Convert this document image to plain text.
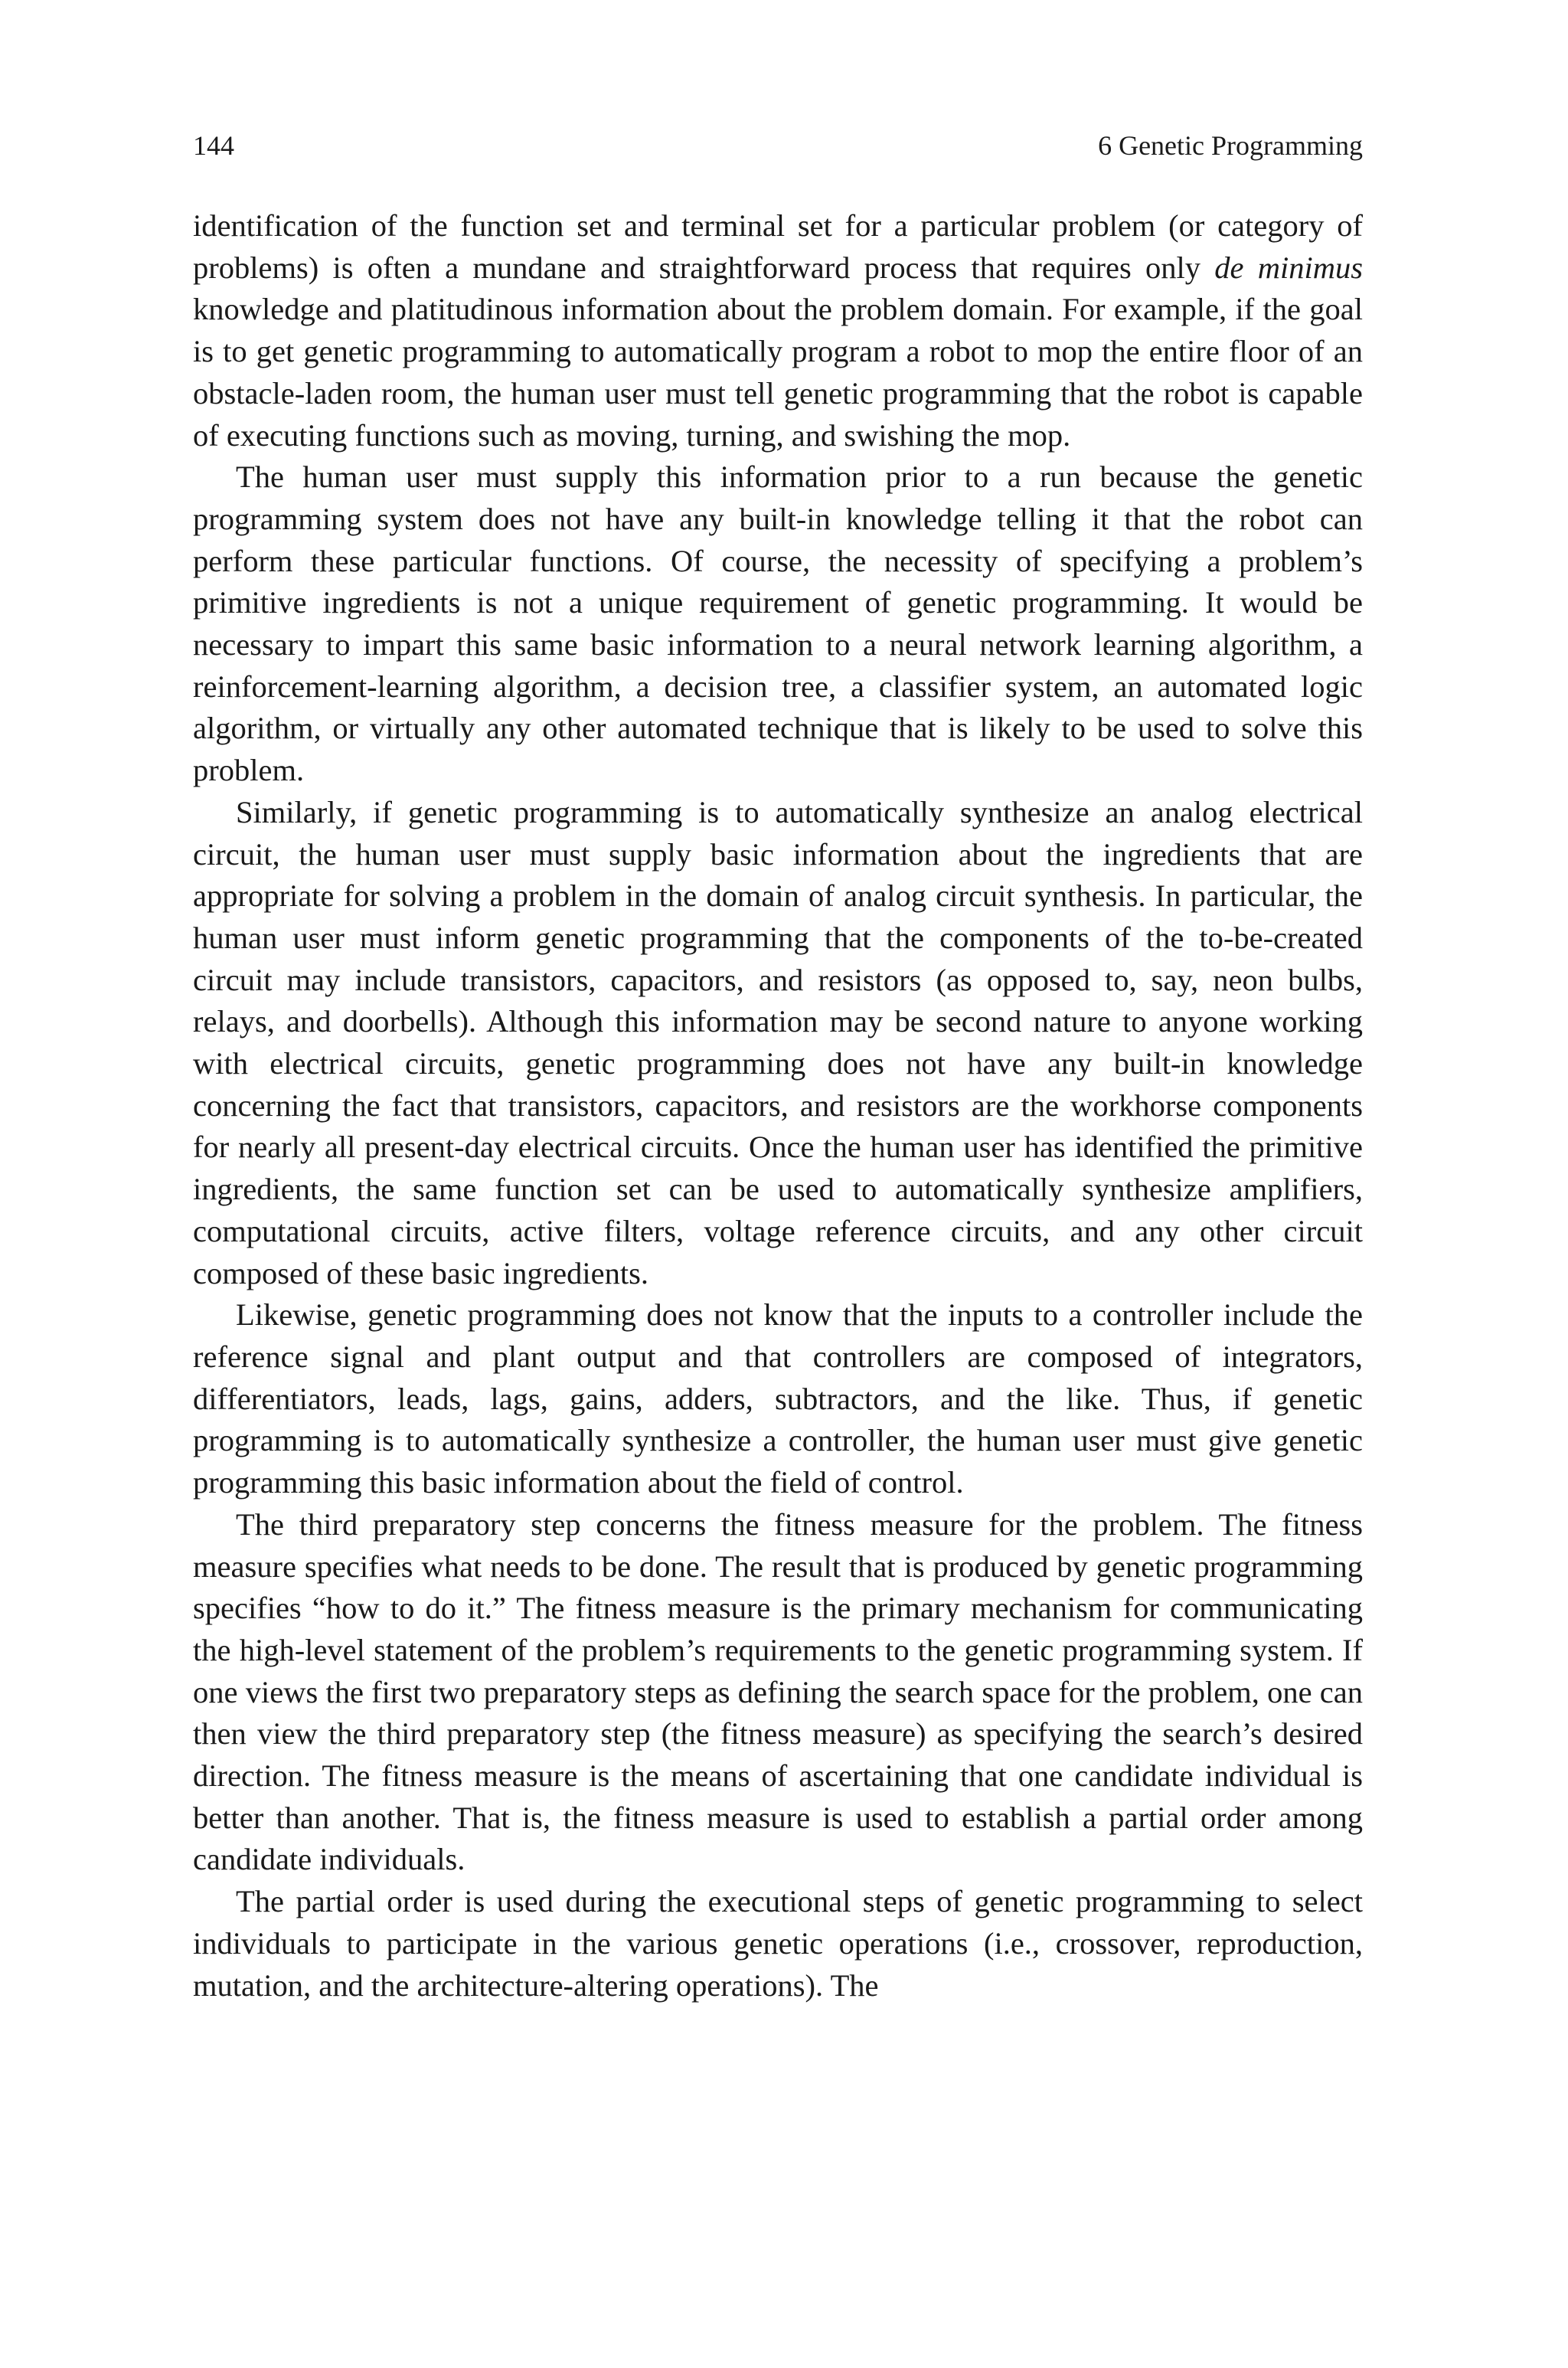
144	6 Genetic Programming

identification of the function set and terminal set for a particular problem (or category of problems) is often a mundane and straightforward process that requires only de minimus knowledge and platitudinous information about the problem domain. For example, if the goal is to get genetic programming to automatically program a robot to mop the entire floor of an obstacle-laden room, the human user must tell genetic programming that the robot is capable of executing functions such as moving, turning, and swishing the mop.

The human user must supply this information prior to a run because the genetic programming system does not have any built-in knowledge telling it that the robot can perform these particular functions. Of course, the necessity of specifying a problem’s primitive ingredients is not a unique requirement of genetic programming. It would be necessary to impart this same basic information to a neural network learning algorithm, a reinforcement-learning algorithm, a decision tree, a classifier system, an automated logic algorithm, or virtually any other automated technique that is likely to be used to solve this problem.

Similarly, if genetic programming is to automatically synthesize an analog electrical circuit, the human user must supply basic information about the ingredients that are appropriate for solving a problem in the domain of analog circuit synthesis. In particular, the human user must inform genetic programming that the components of the to-be-created circuit may include transistors, capacitors, and resistors (as opposed to, say, neon bulbs, relays, and doorbells). Although this information may be second nature to anyone working with electrical circuits, genetic programming does not have any built-in knowledge concerning the fact that transistors, capacitors, and resistors are the workhorse components for nearly all present-day electrical circuits. Once the human user has identified the primitive ingredients, the same function set can be used to automatically synthesize amplifiers, computational circuits, active filters, voltage reference circuits, and any other circuit composed of these basic ingredients.

Likewise, genetic programming does not know that the inputs to a controller include the reference signal and plant output and that controllers are composed of integrators, differentiators, leads, lags, gains, adders, subtractors, and the like. Thus, if genetic programming is to automatically synthesize a controller, the human user must give genetic programming this basic information about the field of control.

The third preparatory step concerns the fitness measure for the problem. The fitness measure specifies what needs to be done. The result that is produced by genetic programming specifies “how to do it.” The fitness measure is the primary mechanism for communicating the high-level statement of the problem’s requirements to the genetic programming system. If one views the first two preparatory steps as defining the search space for the problem, one can then view the third preparatory step (the fitness measure) as specifying the search’s desired direction. The fitness measure is the means of ascertaining that one candidate individual is better than another. That is, the fitness measure is used to establish a partial order among candidate individuals.

The partial order is used during the executional steps of genetic programming to select individuals to participate in the various genetic operations (i.e., crossover, reproduction, mutation, and the architecture-altering operations). The
